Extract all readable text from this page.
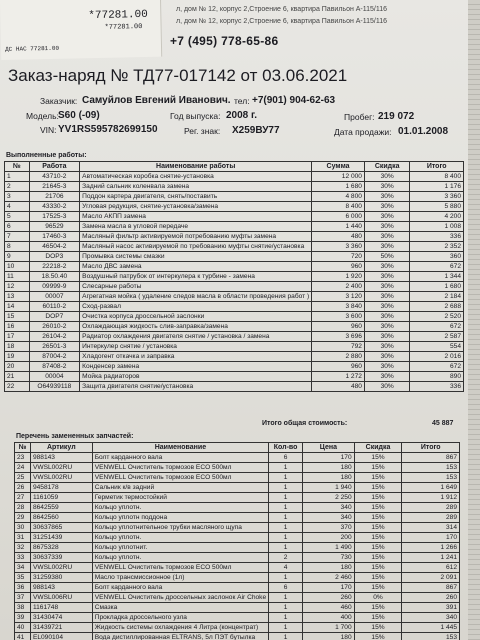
*77281.00
*77281.00
ДС НАС 77281.00
л, дом № 12, корпус 2,Строение 6, квартира Павильон А-115/116
л, дом № 12, корпус 2,Строение 6, квартира Павильон А-115/116
+7 (495) 778-65-86
Заказ-наряд № ТД77-017142 от 03.06.2021
Заказчик: Самуйлов Евгений Иванович. тел: +7(901) 904-62-63
Модель: S60 (-09)	Год выпуска: 2008 г.	Пробег: 219 072
VIN: YV1RS595782699150	Рег. знак: Х259ВУ77	Дата продажи: 01.01.2008
Выполненные работы:
№	Работа	Наименование работы	Сумма	Скидка	Итого
1	43710-2	Автоматическая коробка снятие-установка	12 000	30%	8 400
2	21645-3	Задний сальник коленвала замена	1 680	30%	1 176
3	21706	Поддон картера двигателя, снять/поставить	4 800	30%	3 360
4	43330-2	Угловая редукция, снятие-установка/замена	8 400	30%	5 880
5	17525-3	Масло АКПП замена	6 000	30%	4 200
6	96529	Замена масла в угловой передаче	1 440	30%	1 008
7	17460-3	Масляный фильтр активируемой потребованию муфты замена	480	30%	336
8	46504-2	Масляный насос активируемой по требованию муфты снятие/установка	3 360	30%	2 352
9	DOP3	Промывка системы смазки	720	50%	360
10	22218-2	Масло ДВС замена	960	30%	672
11	18.50.40	Воздушный патрубок от интеркулера к турбине - замена	1 920	30%	1 344
12	09999-9	Слесарные работы	2 400	30%	1 680
13	00007	Агрегатная мойка ( удаление следов масла в области проведения работ )	3 120	30%	2 184
14	60110-2	Сход-развал	3 840	30%	2 688
15	DOP7	Очистка корпуса дроссельной заслонки	3 600	30%	2 520
16	26010-2	Охлаждающая жидкость слив-заправка/замена	960	30%	672
17	26104-2	Радиатор охлаждения двигателя снятие / установка / замена	3 696	30%	2 587
18	26501-3	Интеркулер снятие / установка	792	30%	554
19	87004-2	Хладогент откачка и заправка	2 880	30%	2 016
20	87408-2	Конденсер замена	960	30%	672
21	00004	Мойка радиаторов	1 272	30%	890
22	O64939118	Защита двигателя снятие/установка	480	30%	336
Итого общая стоимость:	45 887
Перечень замененных запчастей:
№	Артикул	Наименование	Кол-во	Цена	Скидка	Итого
23	988143	Болт карданного вала	6	170	15%	867
24	VWSL002RU	VENWELL Очиститель тормозов ECO 500мл	1	180	15%	153
25	VWSL002RU	VENWELL Очиститель тормозов ECO 500мл	1	180	15%	153
26	9458178	Сальник к/в задний	1	1 940	15%	1 649
27	1161059	Герметик термостойкий	1	2 250	15%	1 912
28	8642559	Кольцо уплотн.	1	340	15%	289
29	8642560	Кольцо уплотн поддона	1	340	15%	289
30	30637865	Кольцо уплотнительное трубки масляного щупа	1	370	15%	314
31	31251439	Кольцо уплотн.	1	200	15%	170
32	8675328	Кольцо уплотнит.	1	1 490	15%	1 266
33	30637339	Кольцо уплотн.	2	730	15%	1 241
34	VWSL002RU	VENWELL Очиститель тормозов ECO 500мл	4	180	15%	612
35	31259380	Масло трансмиссионное (1л)	1	2 460	15%	2 091
36	988143	Болт карданного вала	6	170	15%	867
37	VWSL006RU	VENWELL Очиститель дроссельных заслонок Air Choke	1	260	0%	260
38	1161748	Смазка	1	460	15%	391
39	31430474	Прокладка дроссельного узла	1	400	15%	340
40	31439721	Жидкость системы охлаждения 4 Литра (концентрат)	1	1 700	15%	1 445
41	EL090104	Вода дистиллированная ELTRANS, 5л ПЭТ бутылка	1	180	15%	153
